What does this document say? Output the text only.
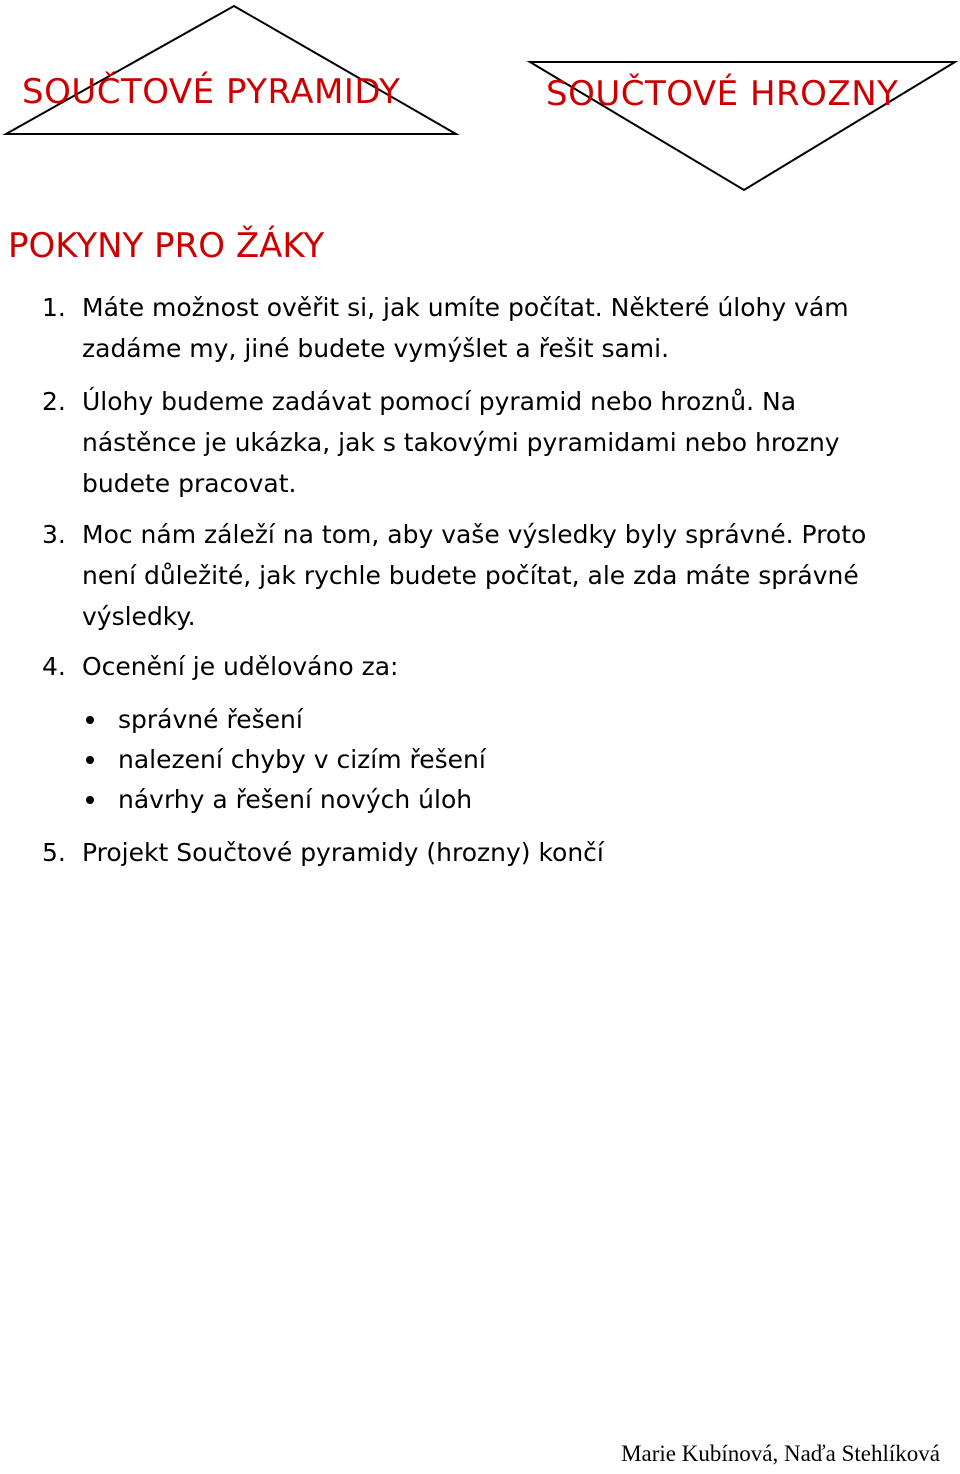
SOUČTOVÉ PYRAMIDY	SOUČTOVÉ HROZNY
POKYNY PRO ŽÁKY
1. Máte možnost ověřit si, jak umíte počítat. Některé úlohy vám
zadáme my, jiné budete vymýšlet a řešit sami.
2. Úlohy budeme zadávat pomocí pyramid nebo hroznů. Na
nástěnce je ukázka, jak s takovými pyramidami nebo hrozny
budete pracovat.
3. Moc nám záleží na tom, aby vaše výsledky byly správné. Proto
není důležité, jak rychle budete počítat, ale zda máte správné
výsledky.
4. Ocenění je udělováno za:
správné řešení
nalezení chyby v cizím řešení
návrhy a řešení nových úloh
5. Projekt Součtové pyramidy (hrozny) končí
Marie Kubínová, Naďa Stehlíková
